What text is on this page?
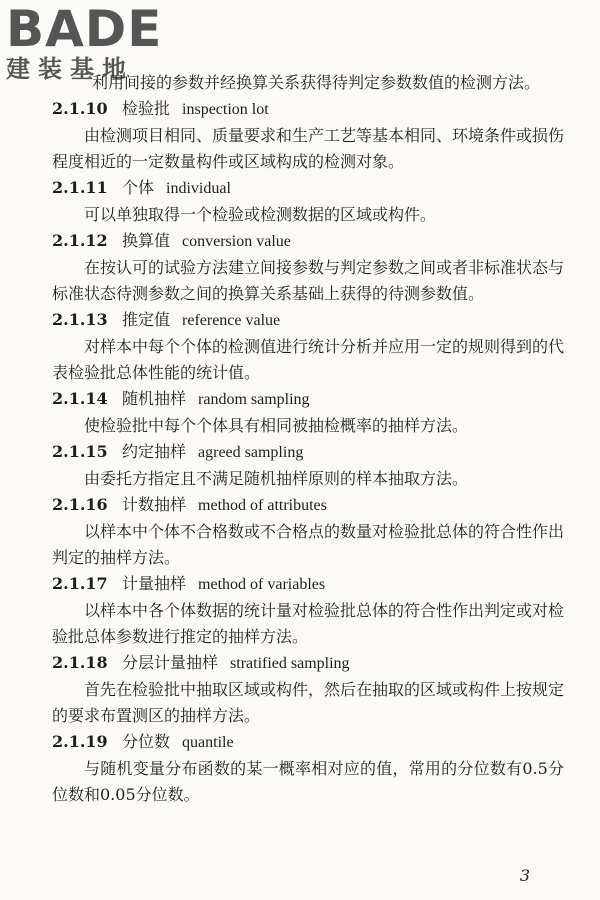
BADE
建装基地

利用间接的参数并经换算关系获得待判定参数数值的检测方法。

2.1.10 检验批 inspection lot

由检测项目相同、质量要求和生产工艺等基本相同、环境条件或损伤程度相近的一定数量构件或区域构成的检测对象。

2.1.11 个体 individual

可以单独取得一个检验或检测数据的区域或构件。

2.1.12 换算值 conversion value

在按认可的试验方法建立间接参数与判定参数之间或者非标准状态与标准状态待测参数之间的换算关系基础上获得的待测参数值。

2.1.13 推定值 reference value

对样本中每个个体的检测值进行统计分析并应用一定的规则得到的代表检验批总体性能的统计值。

2.1.14 随机抽样 random sampling

使检验批中每个个体具有相同被抽检概率的抽样方法。

2.1.15 约定抽样 agreed sampling

由委托方指定且不满足随机抽样原则的样本抽取方法。

2.1.16 计数抽样 method of attributes

以样本中个体不合格数或不合格点的数量对检验批总体的符合性作出判定的抽样方法。

2.1.17 计量抽样 method of variables

以样本中各个体数据的统计量对检验批总体的符合性作出判定或对检验批总体参数进行推定的抽样方法。

2.1.18 分层计量抽样 stratified sampling

首先在检验批中抽取区域或构件，然后在抽取的区域或构件上按规定的要求布置测区的抽样方法。

2.1.19 分位数 quantile

与随机变量分布函数的某一概率相对应的值，常用的分位数有0.5分位数和0.05分位数。

3
